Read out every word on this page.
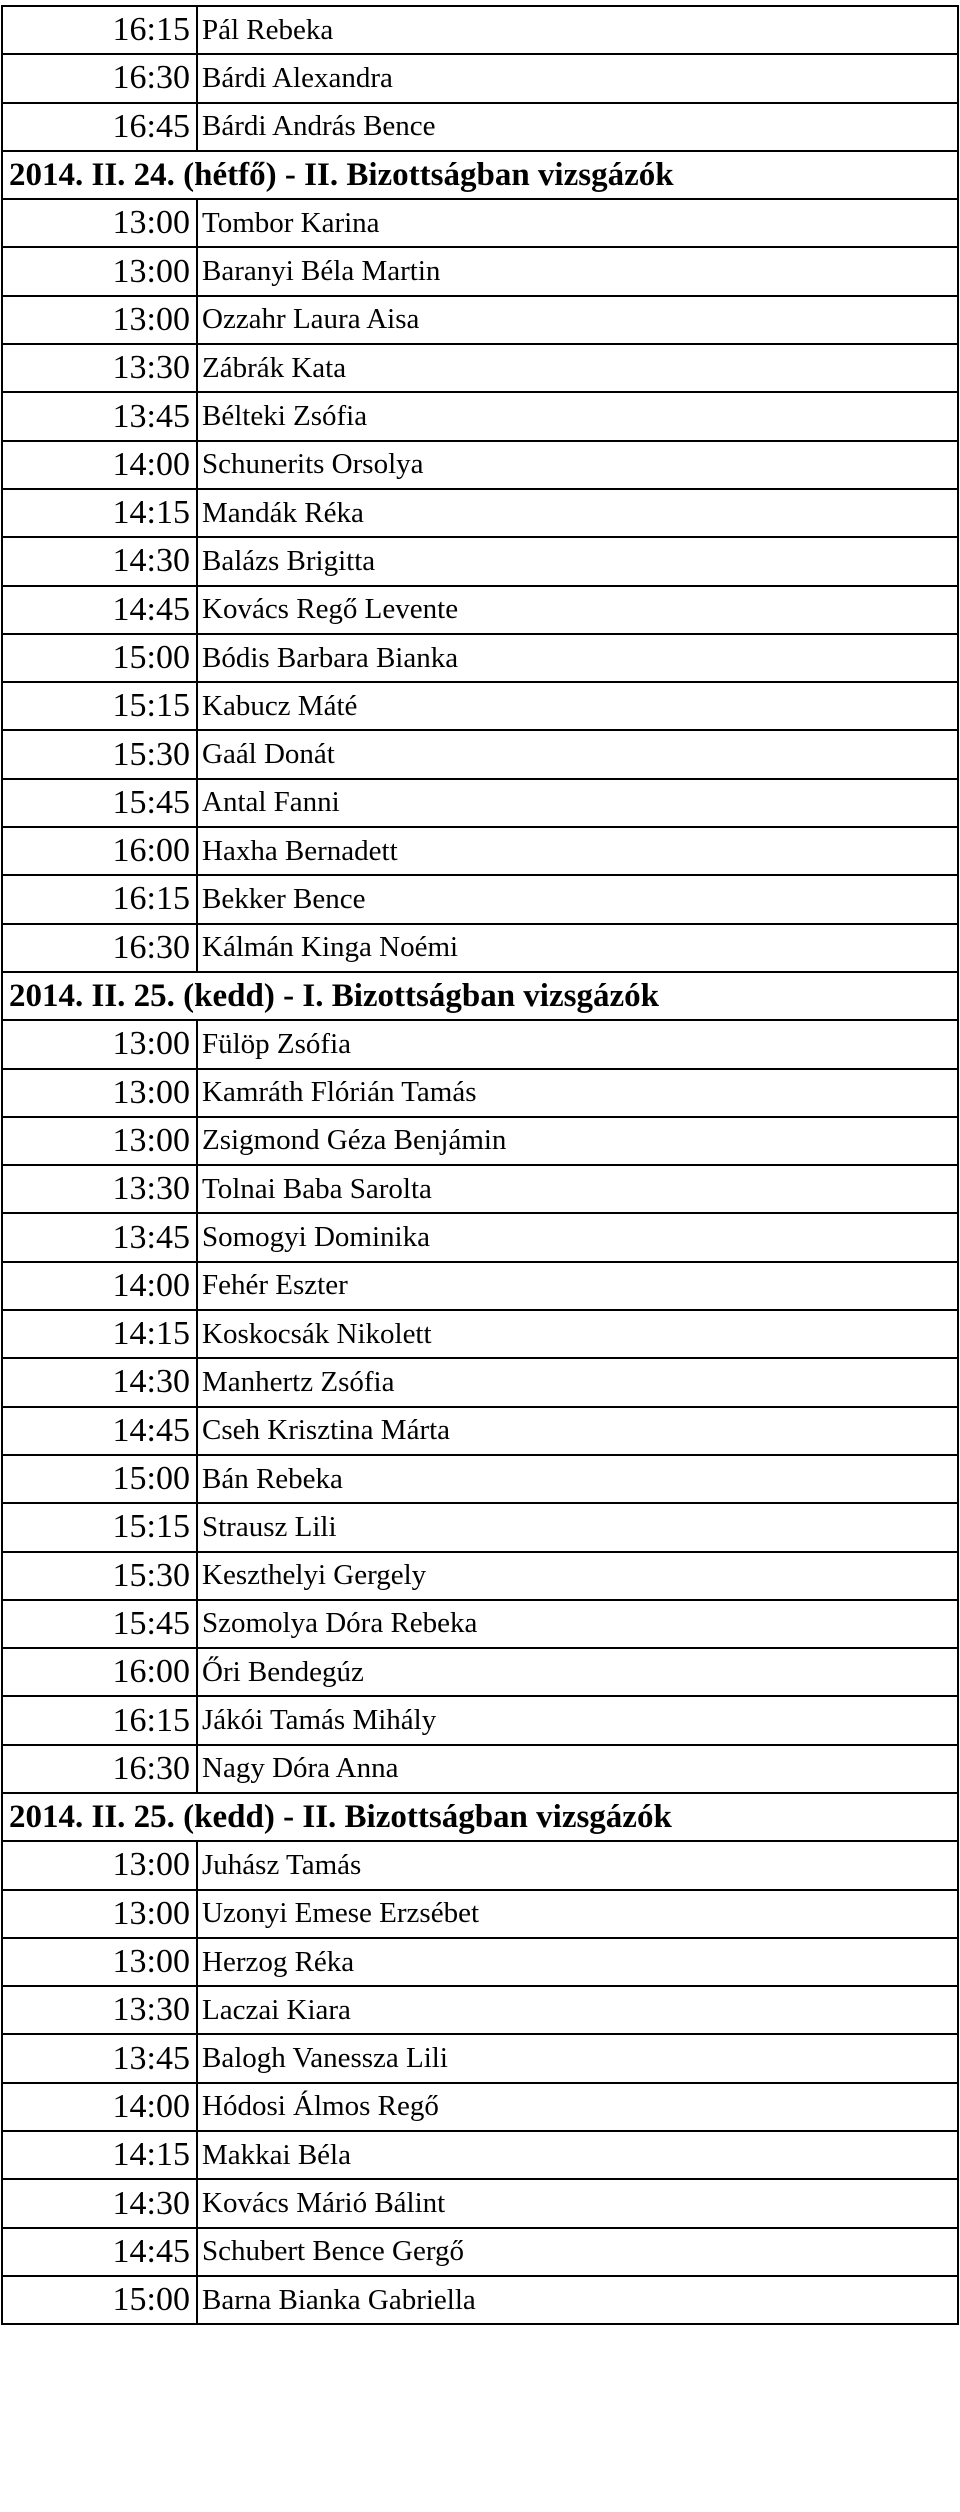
16:15	Pál Rebeka
16:30	Bárdi Alexandra
16:45	Bárdi András Bence
2014. II. 24. (hétfő) - II. Bizottságban vizsgázók	
13:00	Tombor Karina
13:00	Baranyi Béla Martin
13:00	Ozzahr Laura Aisa
13:30	Zábrák Kata
13:45	Bélteki Zsófia
14:00	Schunerits Orsolya
14:15	Mandák Réka
14:30	Balázs Brigitta
14:45	Kovács Regő Levente
15:00	Bódis Barbara Bianka
15:15	Kabucz Máté
15:30	Gaál Donát
15:45	Antal Fanni
16:00	Haxha Bernadett
16:15	Bekker Bence
16:30	Kálmán Kinga Noémi
2014. II. 25. (kedd) - I. Bizottságban vizsgázók	
13:00	Fülöp Zsófia
13:00	Kamráth Flórián Tamás
13:00	Zsigmond Géza Benjámin
13:30	Tolnai Baba Sarolta
13:45	Somogyi Dominika
14:00	Fehér Eszter
14:15	Koskocsák Nikolett
14:30	Manhertz Zsófia
14:45	Cseh Krisztina Márta
15:00	Bán Rebeka
15:15	Strausz Lili
15:30	Keszthelyi Gergely
15:45	Szomolya Dóra Rebeka
16:00	Őri Bendegúz
16:15	Jákói Tamás Mihály
16:30	Nagy Dóra Anna
2014. II. 25. (kedd) - II. Bizottságban vizsgázók	
13:00	Juhász Tamás
13:00	Uzonyi Emese Erzsébet
13:00	Herzog Réka
13:30	Laczai Kiara
13:45	Balogh Vanessza Lili
14:00	Hódosi Álmos Regő
14:15	Makkai Béla
14:30	Kovács Márió Bálint
14:45	Schubert Bence Gergő
15:00	Barna Bianka Gabriella
